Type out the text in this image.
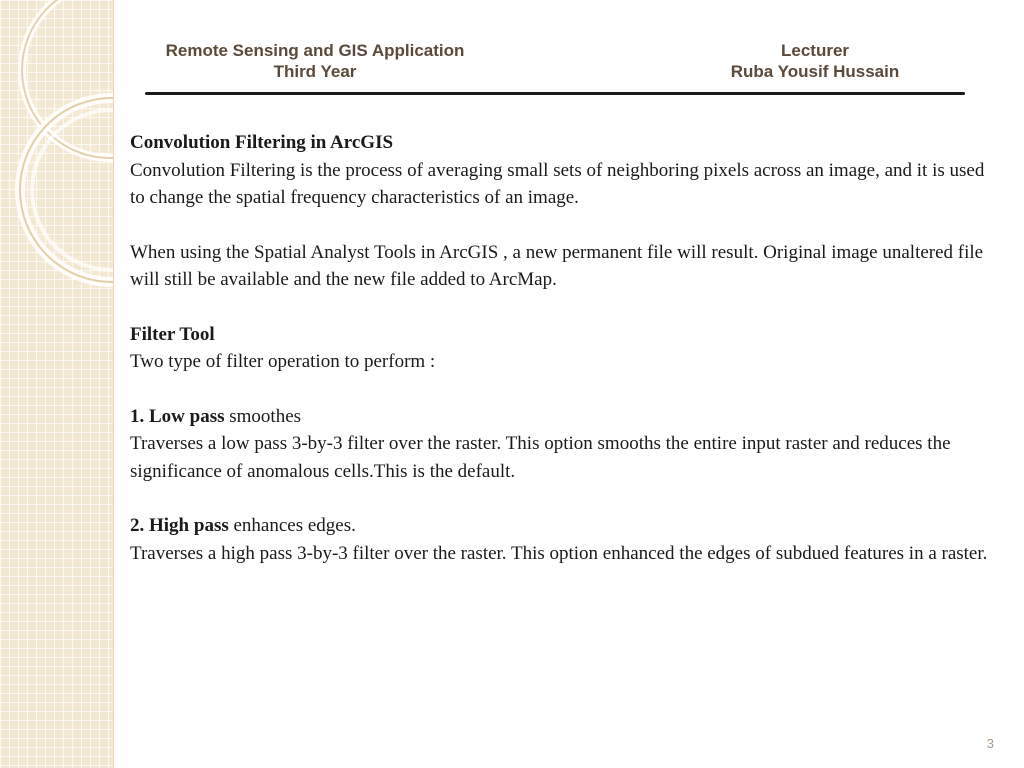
Remote Sensing and GIS Application
Third Year
Lecturer
Ruba Yousif Hussain

Convolution Filtering in ArcGIS
Convolution Filtering is the process of averaging small sets of neighboring pixels across an image, and it is used to change the spatial frequency characteristics of an image.

When using the Spatial Analyst Tools in ArcGIS , a new permanent file will result. Original image unaltered file will still be available and the new file added to ArcMap.

Filter Tool
Two type of filter operation to perform :

1. Low pass smoothes
Traverses a low pass 3-by-3 filter over the raster. This option smooths the entire input raster and reduces the significance of anomalous cells.This is the default.

2. High pass enhances edges.
Traverses a high pass 3-by-3 filter over the raster. This option enhanced the edges of subdued features in a raster.

3
